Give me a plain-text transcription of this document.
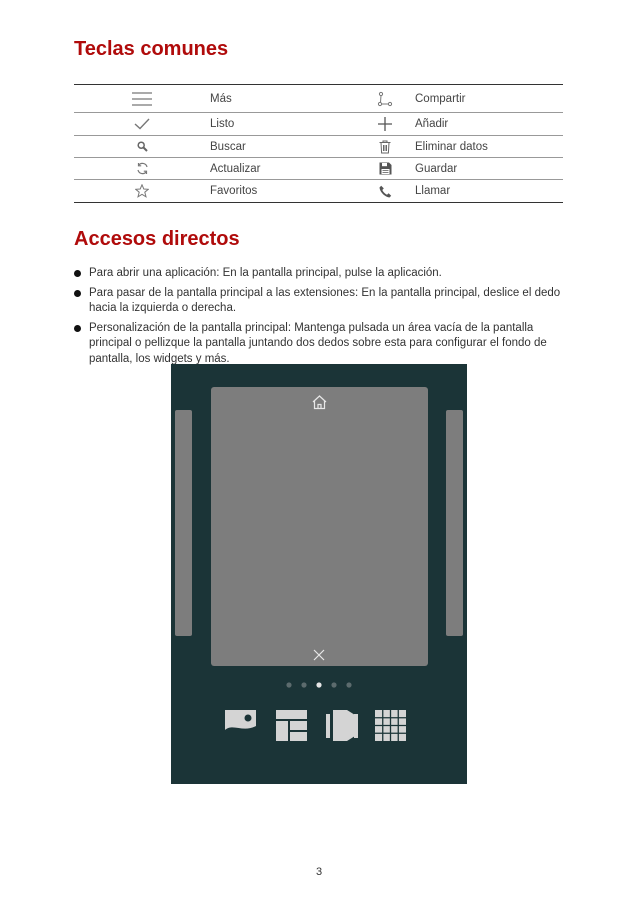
Teclas comunes
	Más		Compartir
	Listo		Añadir
	Buscar		Eliminar datos
	Actualizar		Guardar
	Favoritos		Llamar
Accesos directos
Para abrir una aplicación: En la pantalla principal, pulse la aplicación.
Para pasar de la pantalla principal a las extensiones: En la pantalla principal, deslice el dedo hacia la izquierda o derecha.
Personalización de la pantalla principal: Mantenga pulsada un área vacía de la pantalla principal o pellizque la pantalla juntando dos dedos sobre esta para configurar el fondo de pantalla, los widgets y más.
3
